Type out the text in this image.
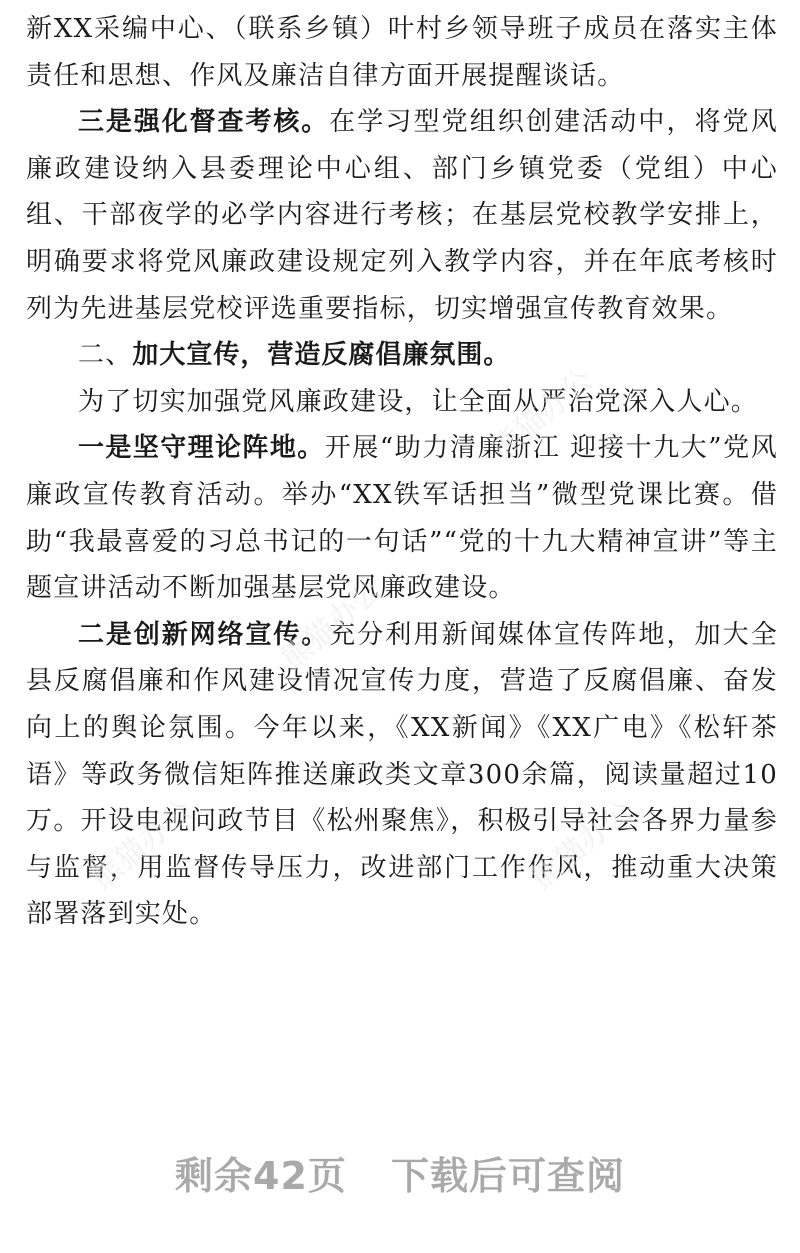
新XX采编中心、（联系乡镇）叶村乡领导班子成员在落实主体责任和思想、作风及廉洁自律方面开展提醒谈话。

三是强化督查考核。在学习型党组织创建活动中，将党风廉政建设纳入县委理论中心组、部门乡镇党委（党组）中心组、干部夜学的必学内容进行考核；在基层党校教学安排上，明确要求将党风廉政建设规定列入教学内容，并在年底考核时列为先进基层党校评选重要指标，切实增强宣传教育效果。

二、加大宣传，营造反腐倡廉氛围。

为了切实加强党风廉政建设，让全面从严治党深入人心。

一是坚守理论阵地。开展“助力清廉浙江 迎接十九大”党风廉政宣传教育活动。举办“XX铁军话担当”微型党课比赛。借助“我最喜爱的习总书记的一句话”“党的十九大精神宣讲”等主题宣讲活动不断加强基层党风廉政建设。

二是创新网络宣传。充分利用新闻媒体宣传阵地，加大全县反腐倡廉和作风建设情况宣传力度，营造了反腐倡廉、奋发向上的舆论氛围。今年以来，《XX新闻》《XX广电》《松轩茶语》等政务微信矩阵推送廉政类文章300余篇，阅读量超过10万。开设电视问政节目《松州聚焦》，积极引导社会各界力量参与监督，用监督传导压力，改进部门工作作风，推动重大决策部署落到实处。

熊猫办公
熊猫办公
熊猫办公
熊猫办公
剩余42页 下载后可查阅
